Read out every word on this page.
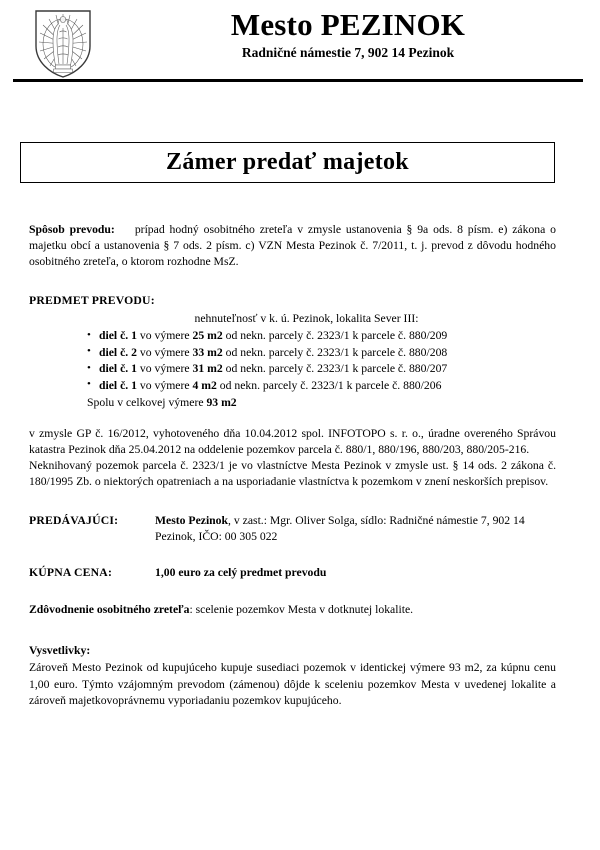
Mesto PEZINOK
Radničné námestie 7, 902 14 Pezinok
Zámer predať majetok

Spôsob prevodu: prípad hodný osobitného zreteľa v zmysle ustanovenia § 9a ods. 8 písm. e) zákona o majetku obcí a ustanovenia § 7 ods. 2 písm. c) VZN Mesta Pezinok č. 7/2011, t. j. prevod z dôvodu hodného osobitného zreteľa, o ktorom rozhodne MsZ.

PREDMET PREVODU:

nehnuteľnosť v k. ú. Pezinok, lokalita Sever III:

• diel č. 1 vo výmere 25 m2 od nekn. parcely č. 2323/1 k parcele č. 880/209
• diel č. 2 vo výmere 33 m2 od nekn. parcely č. 2323/1 k parcele č. 880/208
• diel č. 1 vo výmere 31 m2 od nekn. parcely č. 2323/1 k parcele č. 880/207
• diel č. 1 vo výmere 4 m2 od nekn. parcely č. 2323/1 k parcele č. 880/206

Spolu v celkovej výmere 93 m2

v zmysle GP č. 16/2012, vyhotoveného dňa 10.04.2012 spol. INFOTOPO s. r. o., úradne overeného Správou katastra Pezinok dňa 25.04.2012 na oddelenie pozemkov parcela č. 880/1, 880/196, 880/203, 880/205-216.

Neknihovaný pozemok parcela č. 2323/1 je vo vlastníctve Mesta Pezinok v zmysle ust. § 14 ods. 2 zákona č. 180/1995 Zb. o niektorých opatreniach a na usporiadanie vlastníctva k pozemkom v znení neskorších prepisov.

PREDÁVAJÚCI:	Mesto Pezinok, v zast.: Mgr. Oliver Solga, sídlo: Radničné námestie 7, 902 14 Pezinok, IČO: 00 305 022
KÚPNA CENA:	1,00 euro za celý predmet prevodu

Zdôvodnenie osobitného zreteľa: scelenie pozemkov Mesta v dotknutej lokalite.

Vysvetlivky:

Zároveň Mesto Pezinok od kupujúceho kupuje susediaci pozemok v identickej výmere 93 m2, za kúpnu cenu 1,00 euro. Týmto vzájomným prevodom (zámenou) dôjde k sceleniu pozemkov Mesta v uvedenej lokalite a zároveň majetkovoprávnemu vyporiadaniu pozemkov kupujúceho.
